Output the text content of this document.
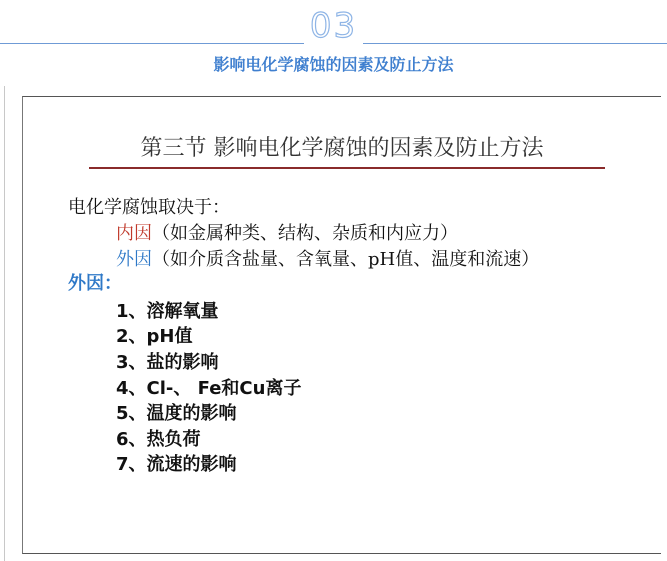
03
影响电化学腐蚀的因素及防止方法
第三节 影响电化学腐蚀的因素及防止方法
电化学腐蚀取决于：
内因（如金属种类、结构、杂质和内应力）
外因（如介质含盐量、含氧量、pH值、温度和流速）
外因：
1、溶解氧量
2、pH值
3、盐的影响
4、Cl-、 Fe和Cu离子
5、温度的影响
6、热负荷
7、流速的影响
